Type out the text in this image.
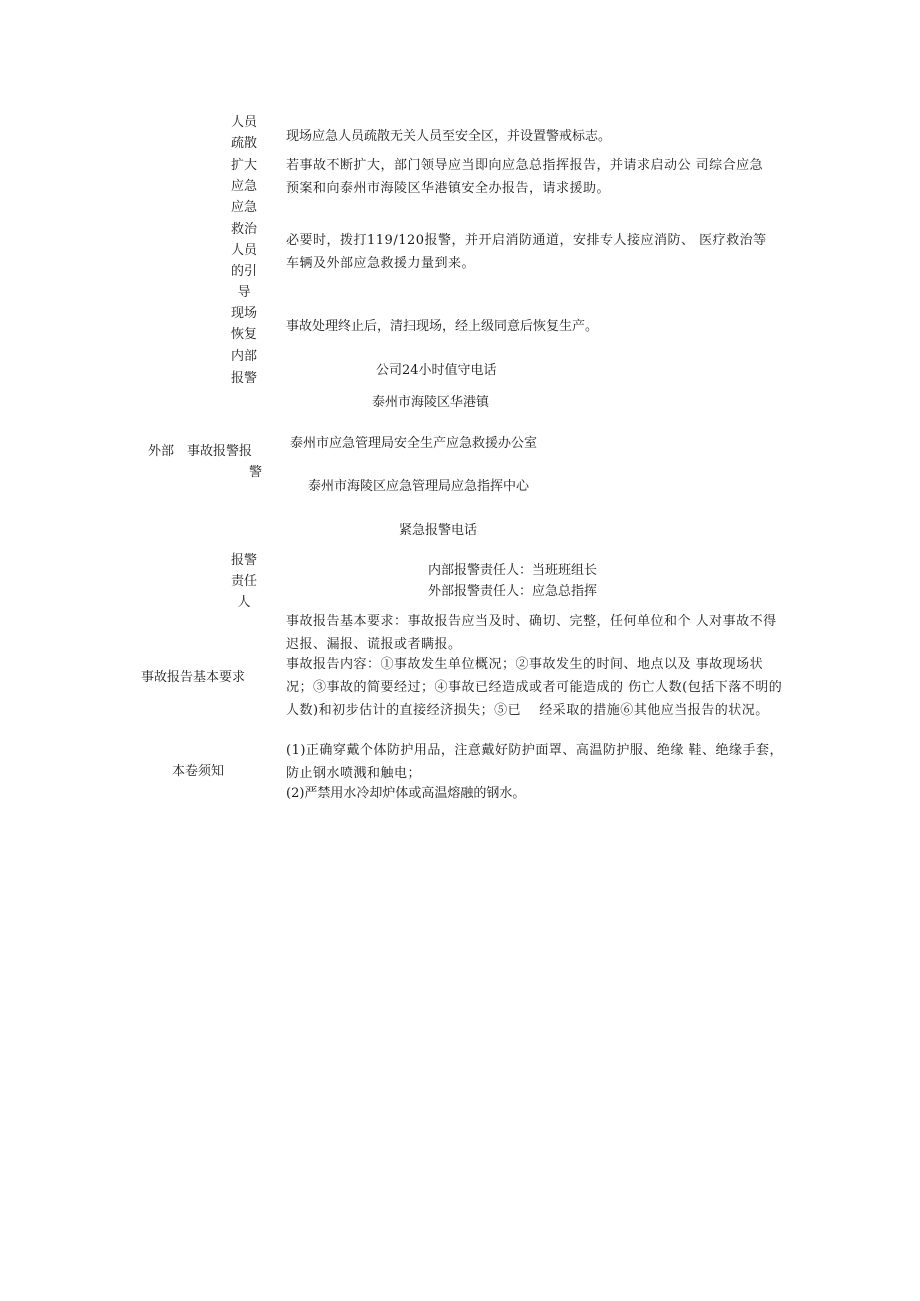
人员
疏散	现场应急人员疏散无关人员至安全区，并设置警戒标志。
扩大
应急
若事故不断扩大，部门领导应当即向应急总指挥报告，并请求启动公 司综合应急预案和向泰州市海陵区华港镇安全办报告，请求援助。
应急
救治
人员
的引
导
必要时，拨打119/120报警，并开启消防通道，安排专人接应消防、 医疗救治等车辆及外部应急救援力量到来。
现场
恢复
事故处理终止后，清扫现场，经上级同意后恢复生产。
内部
报警
公司24小时值守电话
外部 事故报警报
警
泰州市海陵区华港镇
泰州市应急管理局安全生产应急救援办公室
泰州市海陵区应急管理局应急指挥中心
紧急报警电话
报警
责任
人
内部报警责任人：当班班组长
外部报警责任人：应急总指挥
事故报告基本要求
事故报告基本要求：事故报告应当及时、确切、完整，任何单位和个 人对事故不得迟报、漏报、谎报或者瞒报。
事故报告内容：①事故发生单位概况；②事故发生的时间、地点以及 事故现场状况；③事故的简要经过；④事故已经造成或者可能造成的 伤亡人数(包括下落不明的人数)和初步估计的直接经济损失；⑤已　 经采取的措施⑥其他应当报告的状况。
本卷须知
(1)正确穿戴个体防护用品，注意戴好防护面罩、高温防护服、绝缘 鞋、绝缘手套，防止钢水喷溅和触电；
(2)严禁用水冷却炉体或高温熔融的钢水。
